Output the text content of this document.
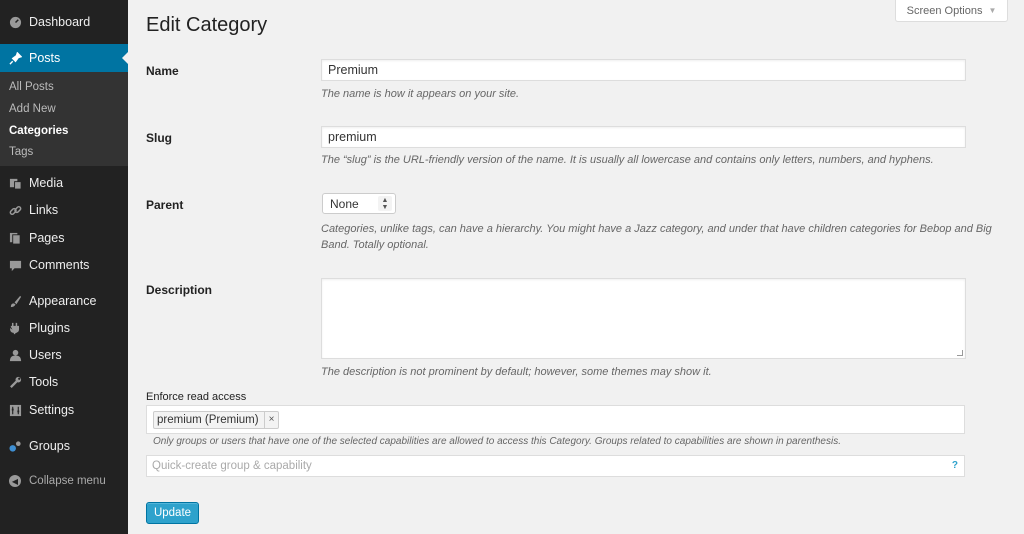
Dashboard
Posts
All Posts
Add New
Categories
Tags
Media
Links
Pages
Comments
Appearance
Plugins
Users
Tools
Settings
Groups
◀ Collapse menu
Screen Options ▼
Edit Category
Name	Premium
The name is how it appears on your site.
Slug	premium
The “slug” is the URL-friendly version of the name. It is usually all lowercase and contains only letters, numbers, and hyphens.
Parent	None	▲
▼
Categories, unlike tags, can have a hierarchy. You might have a Jazz category, and under that have children categories for Bebop and Big Band. Totally optional.
Description
The description is not prominent by default; however, some themes may show it.
Enforce read access
premium (Premium)	×
Only groups or users that have one of the selected capabilities are allowed to access this Category. Groups related to capabilities are shown in parenthesis.
Quick-create group & capability	?
Update
